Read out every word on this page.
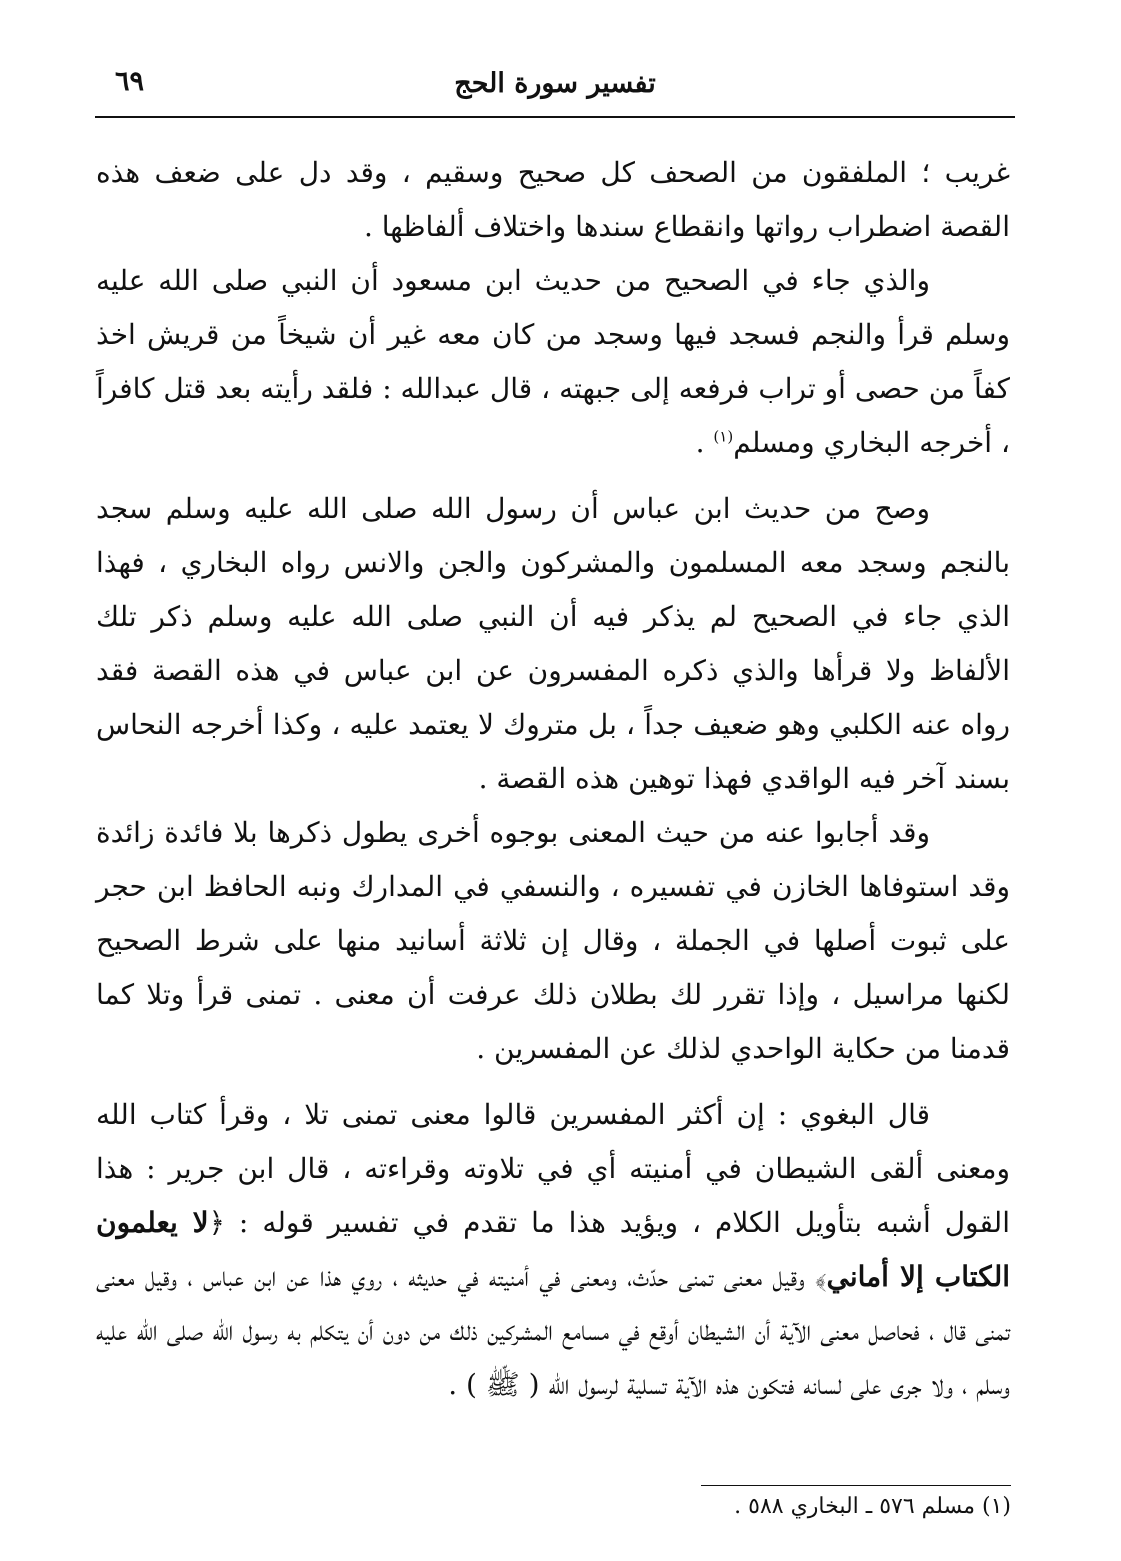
٦٩	تفسير سورة الحج

غريب ؛ الملفقون من الصحف كل صحيح وسقيم ، وقد دل على ضعف هذه القصة اضطراب رواتها وانقطاع سندها واختلاف ألفاظها .

والذي جاء في الصحيح من حديث ابن مسعود أن النبي صلى الله عليه وسلم قرأ والنجم فسجد فيها وسجد من كان معه غير أن شيخاً من قريش اخذ كفاً من حصى أو تراب فرفعه إلى جبهته ، قال عبدالله : فلقد رأيته بعد قتل كافراً ، أخرجه البخاري ومسلم$^{(١)}$ .

وصح من حديث ابن عباس أن رسول الله صلى الله عليه وسلم سجد بالنجم وسجد معه المسلمون والمشركون والجن والانس رواه البخاري ، فهذا الذي جاء في الصحيح لم يذكر فيه أن النبي صلى الله عليه وسلم ذكر تلك الألفاظ ولا قرأها والذي ذكره المفسرون عن ابن عباس في هذه القصة فقد رواه عنه الكلبي وهو ضعيف جداً ، بل متروك لا يعتمد عليه ، وكذا أخرجه النحاس بسند آخر فيه الواقدي فهذا توهين هذه القصة .

وقد أجابوا عنه من حيث المعنى بوجوه أخرى يطول ذكرها بلا فائدة زائدة وقد استوفاها الخازن في تفسيره ، والنسفي في المدارك ونبه الحافظ ابن حجر على ثبوت أصلها في الجملة ، وقال إن ثلاثة أسانيد منها على شرط الصحيح لكنها مراسيل ، وإذا تقرر لك بطلان ذلك عرفت أن معنى . تمنى قرأ وتلا كما قدمنا من حكاية الواحدي لذلك عن المفسرين .

قال البغوي : إن أكثر المفسرين قالوا معنى تمنى تلا ، وقرأ كتاب الله ومعنى ألقى الشيطان في أمنيته أي في تلاوته وقراءته ، قال ابن جرير : هذا القول أشبه بتأويل الكلام ، ويؤيد هذا ما تقدم في تفسير قوله : ﴿لا يعلمون الكتاب إلا أماني﴾ وقيل معنى تمنى حدّث، ومعنى في أمنيته في حديثه ، روي هذا عن ابن عباس ، وقيل معنى تمنى قال ، فحاصل معنى الآية أن الشيطان أوقع في مسامع المشركين ذلك من دون أن يتكلم به رسول الله صلى الله عليه وسلم ، ولا جرى على لسانه فتكون هذه الآية تسلية لرسول الله ( ﷺ ) .

(١) مسلم ٥٧٦ ـ البخاري ٥٨٨ .
